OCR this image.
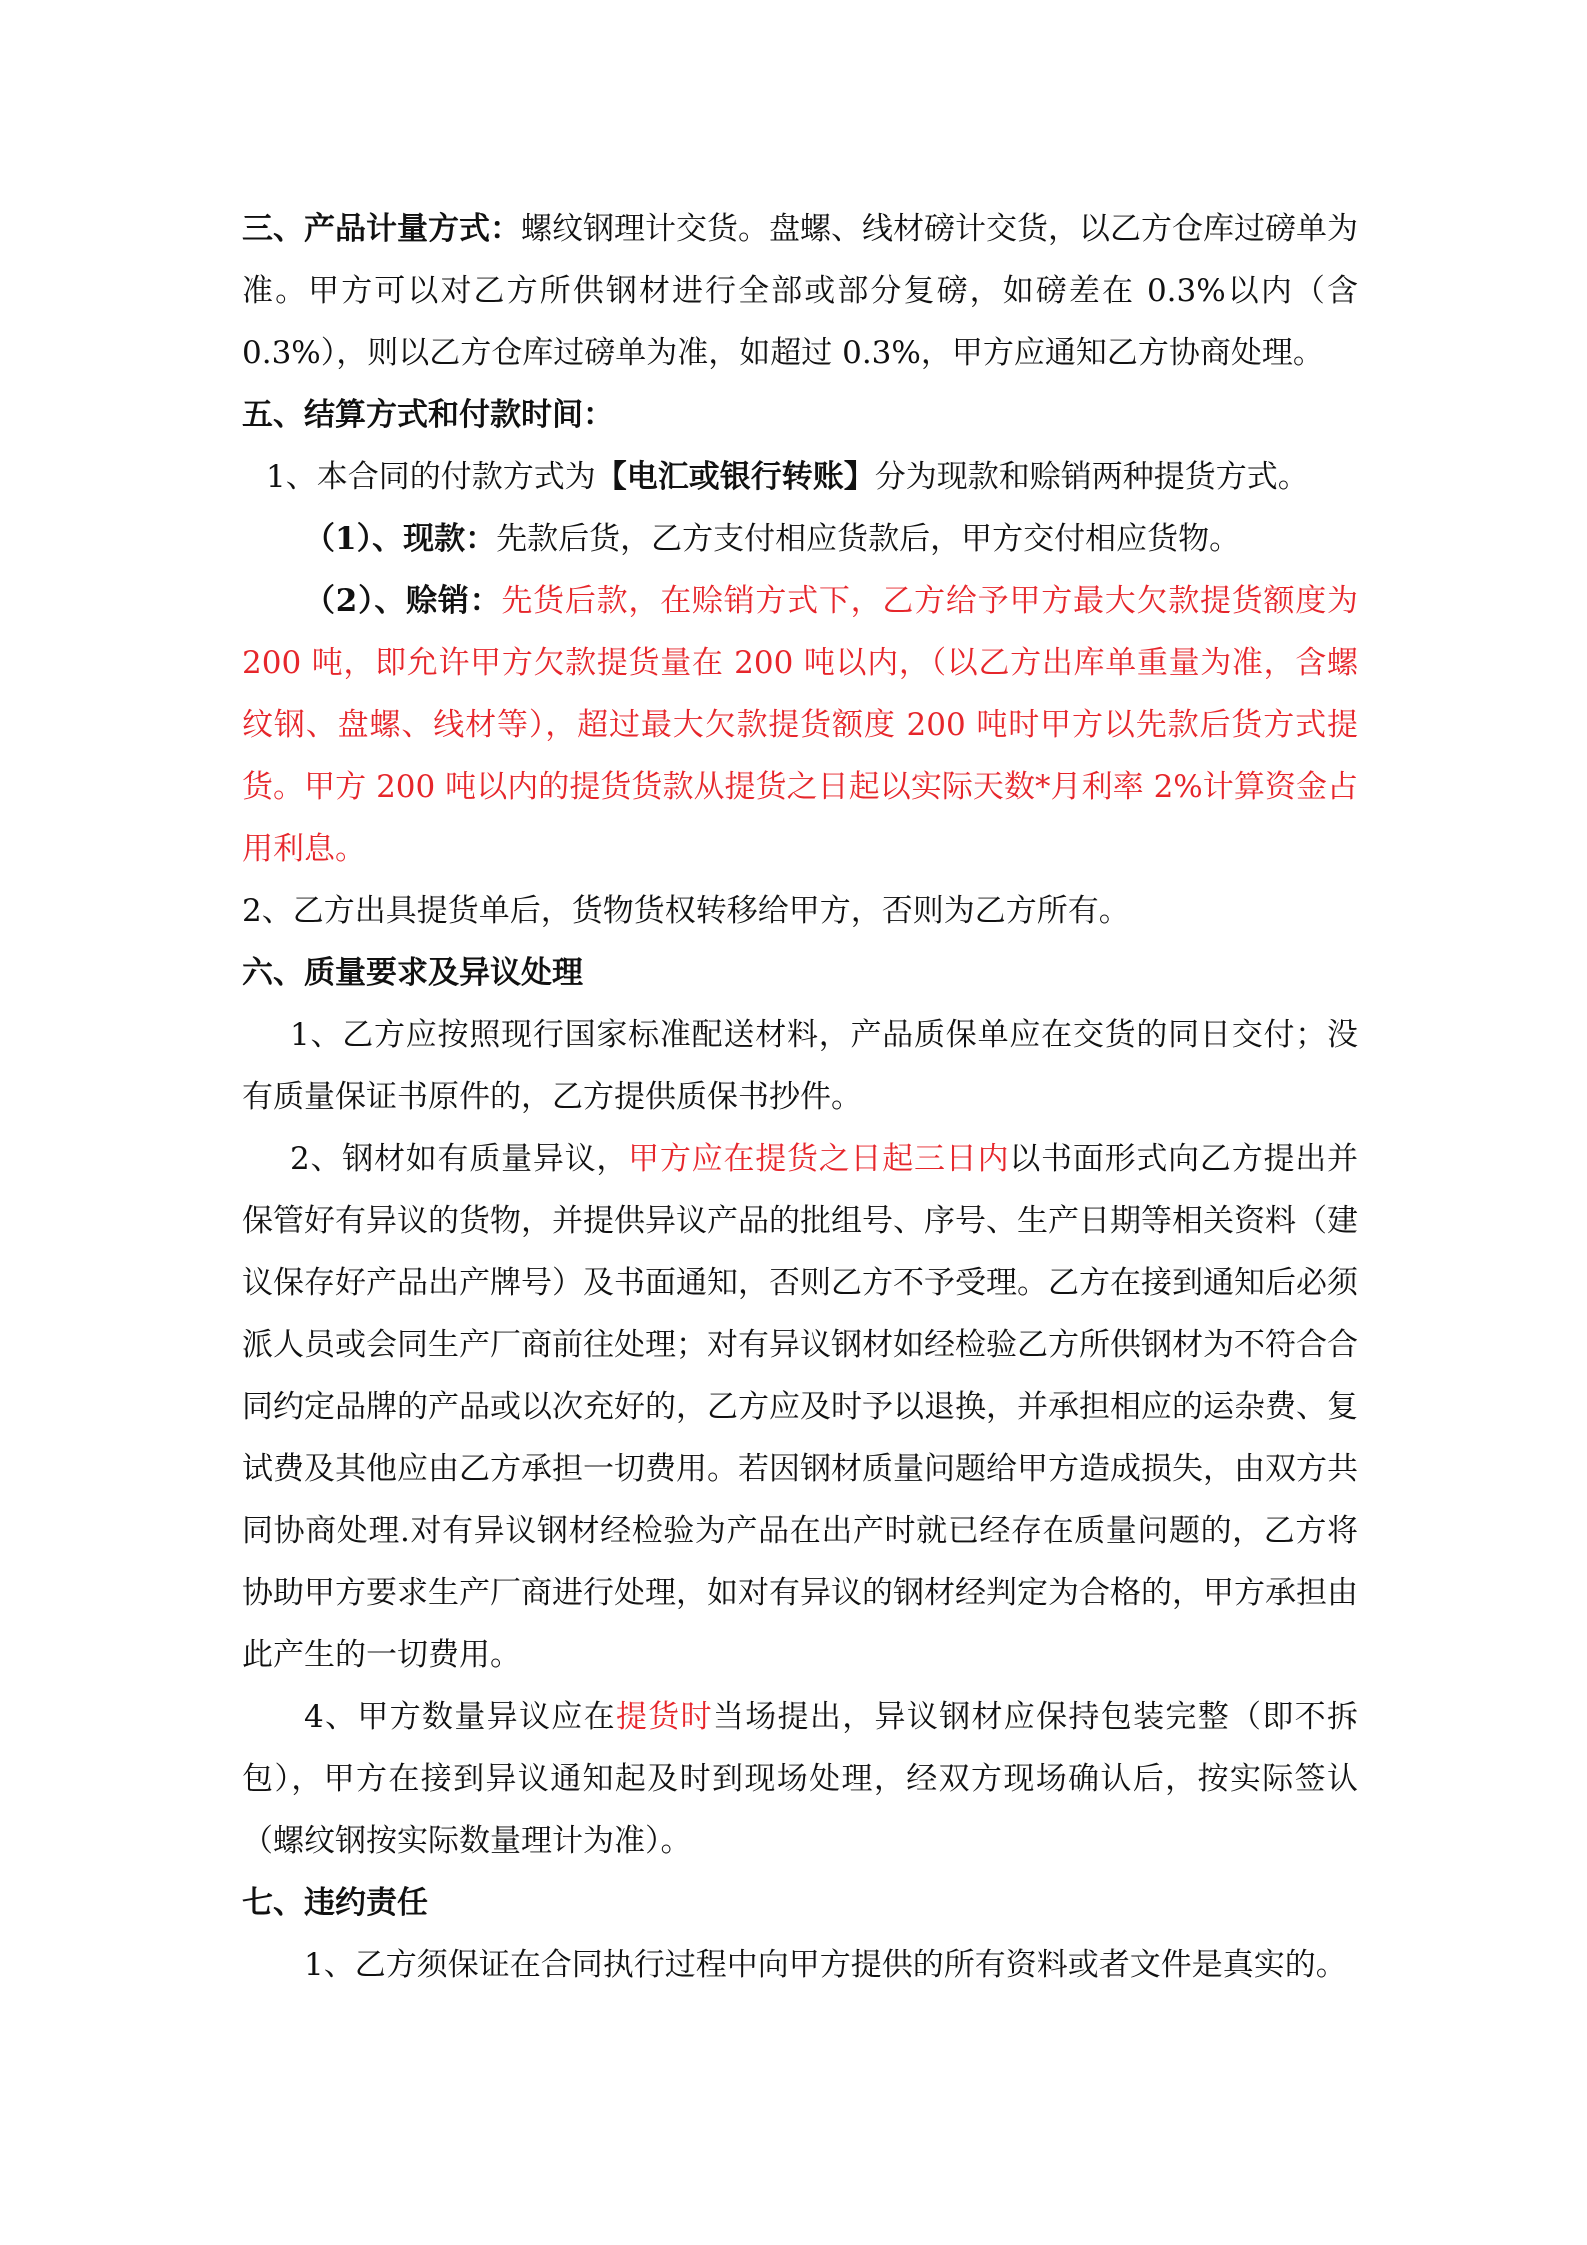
三、产品计量方式：螺纹钢理计交货。盘螺、线材磅计交货，以乙方仓库过磅单为准。甲方可以对乙方所供钢材进行全部或部分复磅，如磅差在 0.3%以内（含 0.3%），则以乙方仓库过磅单为准，如超过 0.3%，甲方应通知乙方协商处理。

五、结算方式和付款时间：

1、本合同的付款方式为【电汇或银行转账】分为现款和赊销两种提货方式。

（1）、现款：先款后货，乙方支付相应货款后，甲方交付相应货物。

（2）、赊销：先货后款，在赊销方式下，乙方给予甲方最大欠款提货额度为 200 吨，即允许甲方欠款提货量在 200 吨以内，（以乙方出库单重量为准，含螺纹钢、盘螺、线材等），超过最大欠款提货额度 200 吨时甲方以先款后货方式提货。甲方 200 吨以内的提货货款从提货之日起以实际天数*月利率 2%计算资金占用利息。

2、乙方出具提货单后，货物货权转移给甲方，否则为乙方所有。

六、质量要求及异议处理

1、乙方应按照现行国家标准配送材料，产品质保单应在交货的同日交付；没有质量保证书原件的，乙方提供质保书抄件。

2、钢材如有质量异议，甲方应在提货之日起三日内以书面形式向乙方提出并保管好有异议的货物，并提供异议产品的批组号、序号、生产日期等相关资料（建议保存好产品出产牌号）及书面通知，否则乙方不予受理。乙方在接到通知后必须派人员或会同生产厂商前往处理；对有异议钢材如经检验乙方所供钢材为不符合合同约定品牌的产品或以次充好的，乙方应及时予以退换，并承担相应的运杂费、复试费及其他应由乙方承担一切费用。若因钢材质量问题给甲方造成损失，由双方共同协商处理.对有异议钢材经检验为产品在出产时就已经存在质量问题的，乙方将协助甲方要求生产厂商进行处理，如对有异议的钢材经判定为合格的，甲方承担由此产生的一切费用。

4、甲方数量异议应在提货时当场提出，异议钢材应保持包装完整（即不拆包），甲方在接到异议通知起及时到现场处理，经双方现场确认后，按实际签认（螺纹钢按实际数量理计为准）。

七、违约责任

1、乙方须保证在合同执行过程中向甲方提供的所有资料或者文件是真实的。
